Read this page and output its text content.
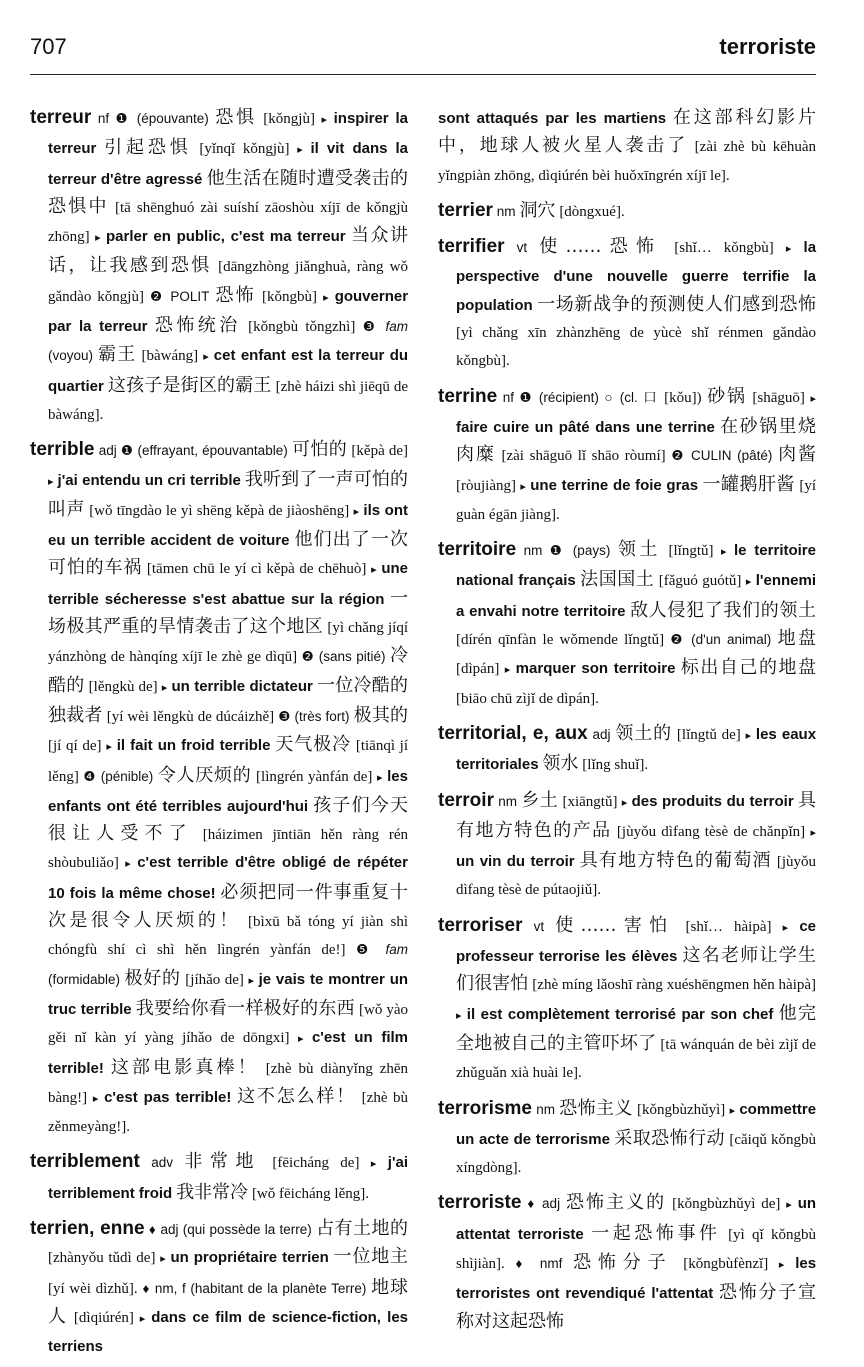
707	terroriste

terreur nf ❶ (épouvante) 恐惧 [kǒngjù] ▸ inspirer la terreur 引起恐惧 [yǐnqǐ kǒngjù] ▸ il vit dans la terreur d'être agressé 他生活在随时遭受袭击的恐惧中 [tā shēnghuó zài suíshí zāoshòu xíjī de kǒngjù zhōng] ▸ parler en public, c'est ma terreur 当众讲话，让我感到恐惧 [dāngzhòng jiǎnghuà, ràng wǒ gǎndào kǒngjù] ❷ POLIT 恐怖 [kǒngbù] ▸ gouverner par la terreur 恐怖统治 [kǒngbù tǒngzhì] ❸ fam (voyou) 霸王 [bàwáng] ▸ cet enfant est la terreur du quartier 这孩子是街区的霸王 [zhè háizi shì jiēqū de bàwáng].

terrible adj ❶ (effrayant, épouvantable) 可怕的 [kěpà de] ▸ j'ai entendu un cri terrible 我听到了一声可怕的叫声 [wǒ tīngdào le yì shēng kěpà de jiàoshēng] ▸ ils ont eu un terrible accident de voiture 他们出了一次可怕的车祸 [tāmen chū le yí cì kěpà de chēhuò] ▸ une terrible sécheresse s'est abattue sur la région 一场极其严重的旱情袭击了这个地区 [yì chǎng jíqí yánzhòng de hànqíng xíjī le zhè ge dìqū] ❷ (sans pitié) 冷酷的 [lěngkù de] ▸ un terrible dictateur 一位冷酷的独裁者 [yí wèi lěngkù de dúcáizhě] ❸ (très fort) 极其的 [jí qí de] ▸ il fait un froid terrible 天气极冷 [tiānqì jí lěng] ❹ (pénible) 令人厌烦的 [lìngrén yànfán de] ▸ les enfants ont été terribles aujourd'hui 孩子们今天很让人受不了 [háizimen jīntiān hěn ràng rén shòubuliǎo] ▸ c'est terrible d'être obligé de répéter 10 fois la même chose! 必须把同一件事重复十次是很令人厌烦的！ [bìxū bǎ tóng yí jiàn shì chóngfù shí cì shì hěn lìngrén yànfán de!] ❺ fam (formidable) 极好的 [jíhǎo de] ▸ je vais te montrer un truc terrible 我要给你看一样极好的东西 [wǒ yào gěi nǐ kàn yí yàng jíhǎo de dōngxi] ▸ c'est un film terrible! 这部电影真棒！ [zhè bù diànyǐng zhēn bàng!] ▸ c'est pas terrible! 这不怎么样！ [zhè bù zěnmeyàng!].

terriblement adv 非常地 [fēicháng de] ▸ j'ai terriblement froid 我非常冷 [wǒ fēicháng lěng].

terrien, enne ♦ adj (qui possède la terre) 占有土地的 [zhànyǒu tǔdì de] ▸ un propriétaire terrien 一位地主 [yí wèi dìzhǔ]. ♦ nm, f (habitant de la planète Terre) 地球人 [dìqiúrén] ▸ dans ce film de science-fiction, les terriens

sont attaqués par les martiens 在这部科幻影片中，地球人被火星人袭击了 [zài zhè bù kēhuàn yǐngpiàn zhōng, dìqiúrén bèi huǒxīngrén xíjī le].

terrier nm 洞穴 [dòngxué].

terrifier vt 使……恐怖 [shǐ… kǒngbù] ▸ la perspective d'une nouvelle guerre terrifie la population 一场新战争的预测使人们感到恐怖 [yì chǎng xīn zhànzhēng de yùcè shǐ rénmen gǎndào kǒngbù].

terrine nf ❶ (récipient) ○ (cl. 口 [kǒu]) 砂锅 [shāguō] ▸ faire cuire un pâté dans une terrine 在砂锅里烧肉糜 [zài shāguō lǐ shāo ròumí] ❷ CULIN (pâté) 肉酱 [ròujiàng] ▸ une terrine de foie gras 一罐鹅肝酱 [yí guàn égān jiàng].

territoire nm ❶ (pays) 领土 [lǐngtǔ] ▸ le territoire national français 法国国土 [fǎguó guótǔ] ▸ l'ennemi a envahi notre territoire 敌人侵犯了我们的领土 [dírén qīnfàn le wǒmende lǐngtǔ] ❷ (d'un animal) 地盘 [dìpán] ▸ marquer son territoire 标出自己的地盘 [biāo chū zìjǐ de dìpán].

territorial, e, aux adj 领土的 [lǐngtǔ de] ▸ les eaux territoriales 领水 [lǐng shuǐ].

terroir nm 乡土 [xiāngtǔ] ▸ des produits du terroir 具有地方特色的产品 [jùyǒu dìfang tèsè de chǎnpǐn] ▸ un vin du terroir 具有地方特色的葡萄酒 [jùyǒu dìfang tèsè de pútaojiǔ].

terroriser vt 使……害怕 [shǐ… hàipà] ▸ ce professeur terrorise les élèves 这名老师让学生们很害怕 [zhè míng lǎoshī ràng xuéshēngmen hěn hàipà] ▸ il est complètement terrorisé par son chef 他完全地被自己的主管吓坏了 [tā wánquán de bèi zìjǐ de zhǔguǎn xià huài le].

terrorisme nm 恐怖主义 [kǒngbùzhǔyì] ▸ commettre un acte de terrorisme 采取恐怖行动 [cǎiqǔ kǒngbù xíngdòng].

terroriste ♦ adj 恐怖主义的 [kǒngbùzhǔyì de] ▸ un attentat terroriste 一起恐怖事件 [yì qǐ kǒngbù shìjiàn]. ♦ nmf 恐怖分子 [kǒngbùfènzǐ] ▸ les terroristes ont revendiqué l'attentat 恐怖分子宣称对这起恐怖
